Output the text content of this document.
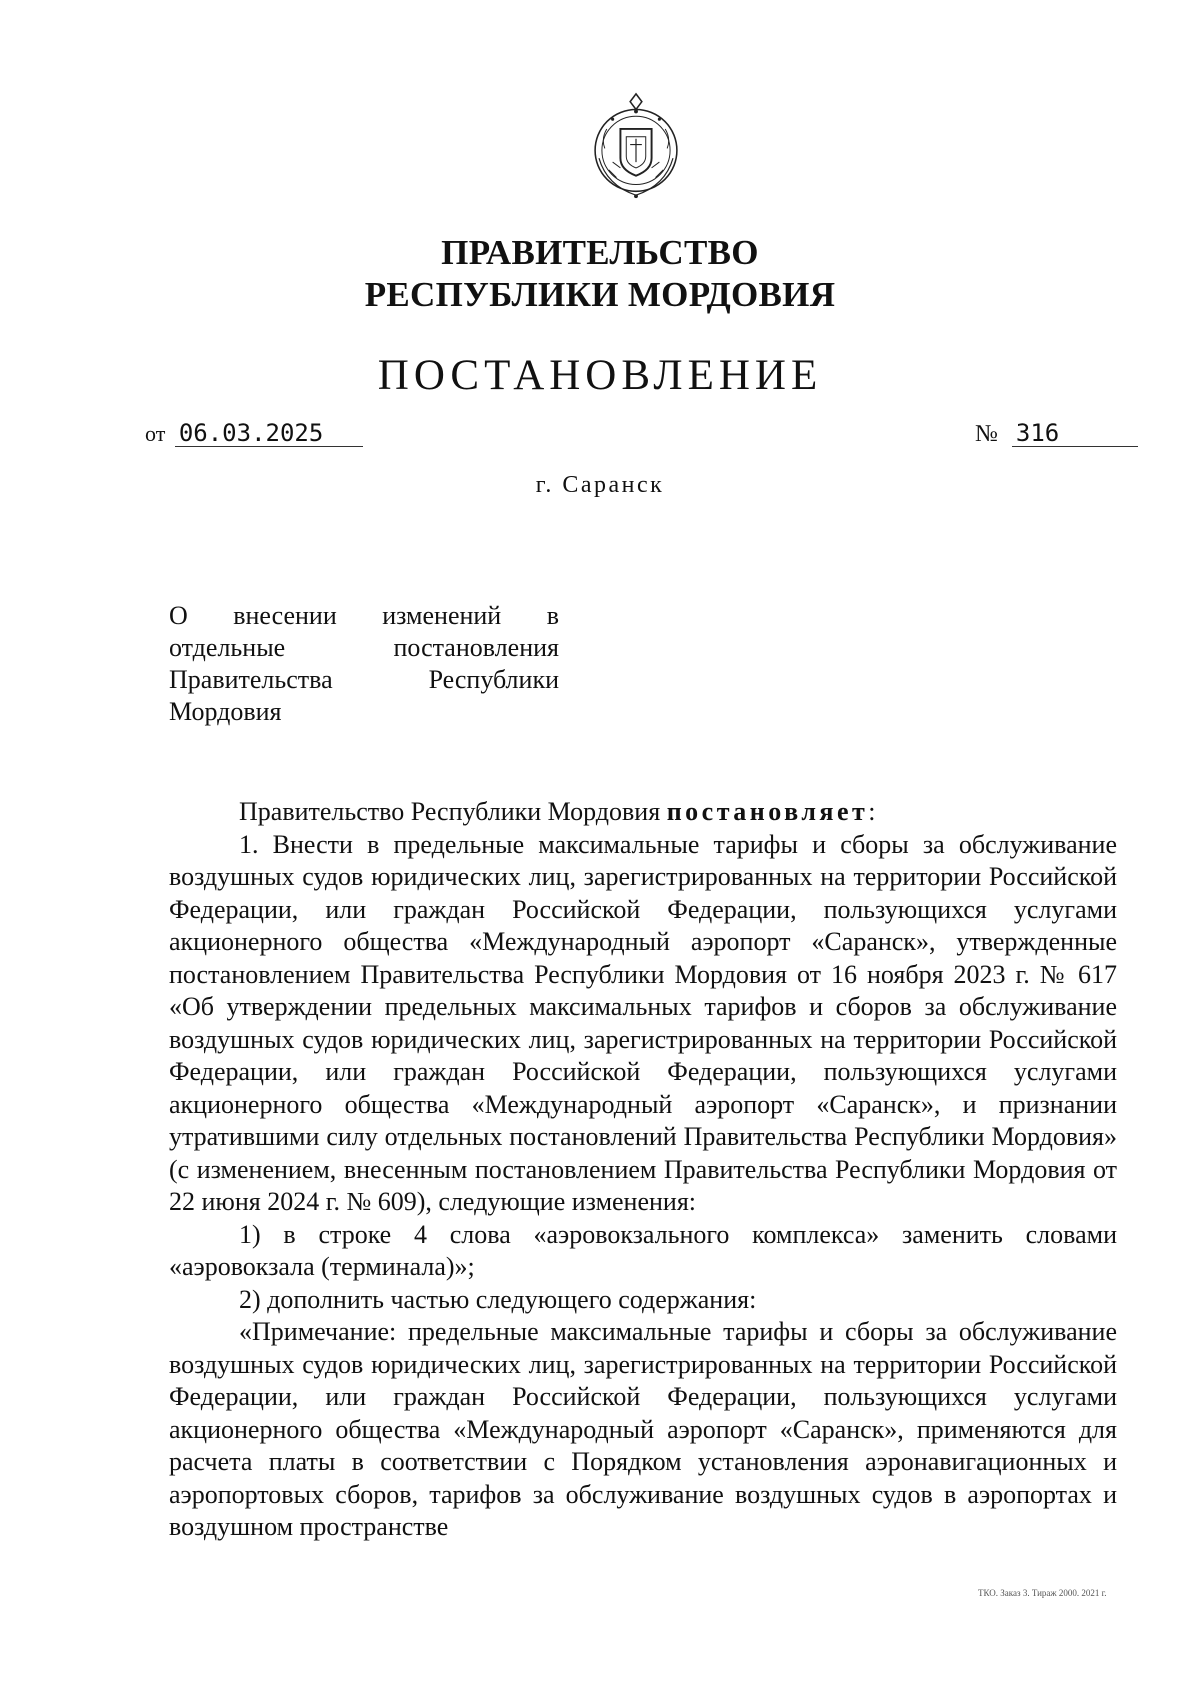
ПРАВИТЕЛЬСТВО
РЕСПУБЛИКИ МОРДОВИЯ
ПОСТАНОВЛЕНИЕ
от 06.03.2025	№ 316
г. Саранск
О внесении изменений в
отдельные	постановления
Правительства	Республики
Мордовия

Правительство Республики Мордовия постановляет:

1. Внести в предельные максимальные тарифы и сборы за обслуживание воздушных судов юридических лиц, зарегистрированных на территории Российской Федерации, или граждан Российской Федерации, пользующихся услугами акционерного общества «Международный аэропорт «Саранск», утвержденные постановлением Правительства Республики Мордовия от 16 ноября 2023 г. № 617 «Об утверждении предельных максимальных тарифов и сборов за обслуживание воздушных судов юридических лиц, зарегистрированных на территории Российской Федерации, или граждан Российской Федерации, пользующихся услугами акционерного общества «Международный аэропорт «Саранск», и признании утратившими силу отдельных постановлений Правительства Республики Мордовия» (с изменением, внесенным постановлением Правительства Республики Мордовия от 22 июня 2024 г. № 609), следующие изменения:

1) в строке 4 слова «аэровокзального комплекса» заменить словами «аэровокзала (терминала)»;

2) дополнить частью следующего содержания:

«Примечание: предельные максимальные тарифы и сборы за обслуживание воздушных судов юридических лиц, зарегистрированных на территории Российской Федерации, или граждан Российской Федерации, пользующихся услугами акционерного общества «Международный аэропорт «Саранск», применяются для расчета платы в соответствии с Порядком установления аэронавигационных и аэропортовых сборов, тарифов за обслуживание воздушных судов в аэропортах и воздушном пространстве

ТКО. Заказ 3. Тираж 2000. 2021 г.
